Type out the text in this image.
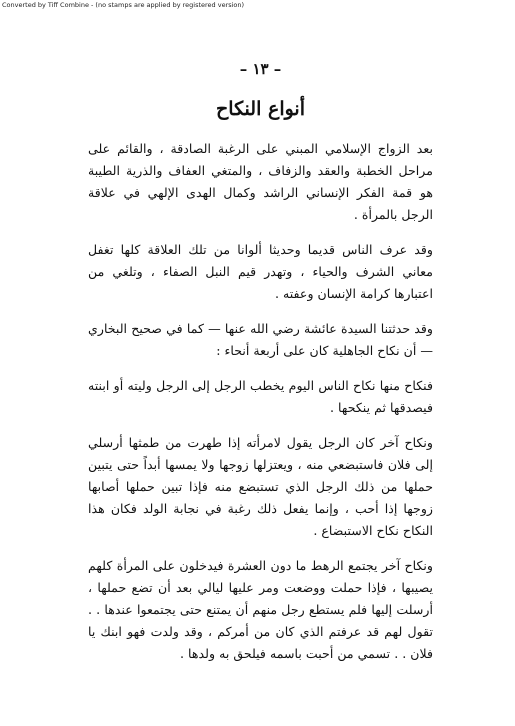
Converted by Tiff Combine - (no stamps are applied by registered version)
– ١٣ –
أنواع النكاح

بعد الزواج الإسلامي المبني على الرغبة الصادقة ، والقائم على مراحل الخطبة والعقد والزفاف ، والمتغي العفاف والذرية الطيبة هو قمة الفكر الإنساني الراشد وكمال الهدى الإلهي في علاقة الرجل بالمرأة .

وقد عرف الناس قديما وحديثا ألوانا من تلك العلاقة كلها تغفل معاني الشرف والحياء ، وتهدر قيم النبل الصفاء ، وتلغي من اعتبارها كرامة الإنسان وعفته .

وقد حدثتنا السيدة عائشة رضي الله عنها — كما في صحيح البخاري — أن نكاح الجاهلية كان على أربعة أنحاء :

فنكاح منها نكاح الناس اليوم يخطب الرجل إلى الرجل وليته أو ابنته فيصدقها ثم ينكحها .

ونكاح آخر كان الرجل يقول لامرأته إذا طهرت من طمثها أرسلي إلى فلان فاستبضعي منه ، ويعتزلها زوجها ولا يمسها أبداً حتى يتبين حملها من ذلك الرجل الذي تستبضع منه فإذا تبين حملها أصابها زوجها إذا أحب ، وإنما يفعل ذلك رغبة في نجابة الولد فكان هذا النكاح نكاح الاستبضاع .

ونكاح آخر يجتمع الرهط ما دون العشرة فيدخلون على المرأة كلهم يصيبها ، فإذا حملت ووضعت ومر عليها ليالي بعد أن تضع حملها ، أرسلت إليها فلم يستطع رجل منهم أن يمتنع حتى يجتمعوا عندها . . تقول لهم قد عرفتم الذي كان من أمركم ، وقد ولدت فهو ابنك يا فلان . . تسمي من أحبت باسمه فيلحق به ولدها .
